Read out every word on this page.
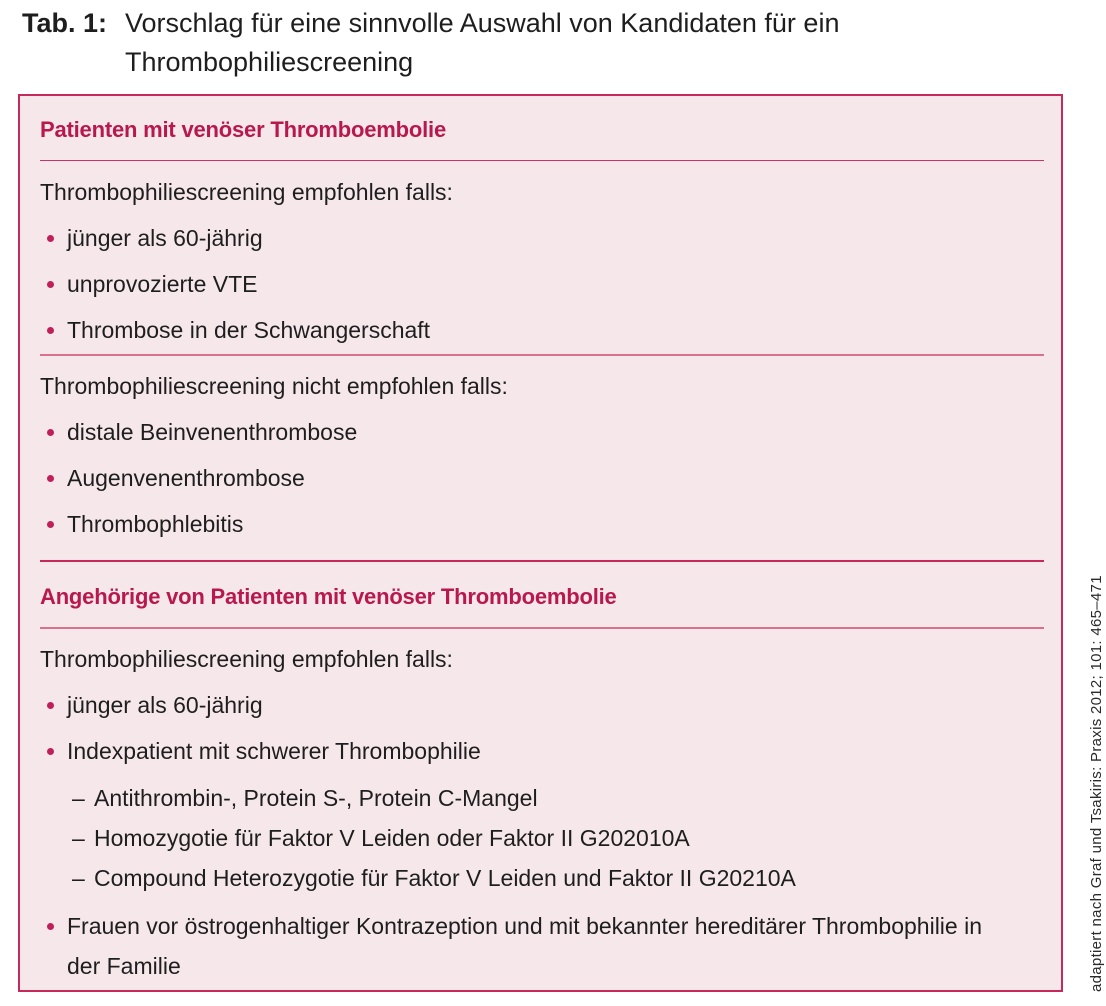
Tab. 1: Vorschlag für eine sinnvolle Auswahl von Kandidaten für ein Thrombophiliescreening
Patienten mit venöser Thromboembolie
Thrombophiliescreening empfohlen falls:
jünger als 60-jährig
unprovozierte VTE
Thrombose in der Schwangerschaft
Thrombophiliescreening nicht empfohlen falls:
distale Beinvenenthrombose
Augenvenenthrombose
Thrombophlebitis
Angehörige von Patienten mit venöser Thromboembolie
Thrombophiliescreening empfohlen falls:
jünger als 60-jährig
Indexpatient mit schwerer Thrombophilie
– Antithrombin-, Protein S-, Protein C-Mangel
– Homozygotie für Faktor V Leiden oder Faktor II G202010A
– Compound Heterozygotie für Faktor V Leiden und Faktor II G20210A
Frauen vor östrogenhaltiger Kontrazeption und mit bekannter hereditärer Thrombophilie in der Familie	adaptiert nach Graf und Tsakiris: Praxis 2012; 101: 465–471
